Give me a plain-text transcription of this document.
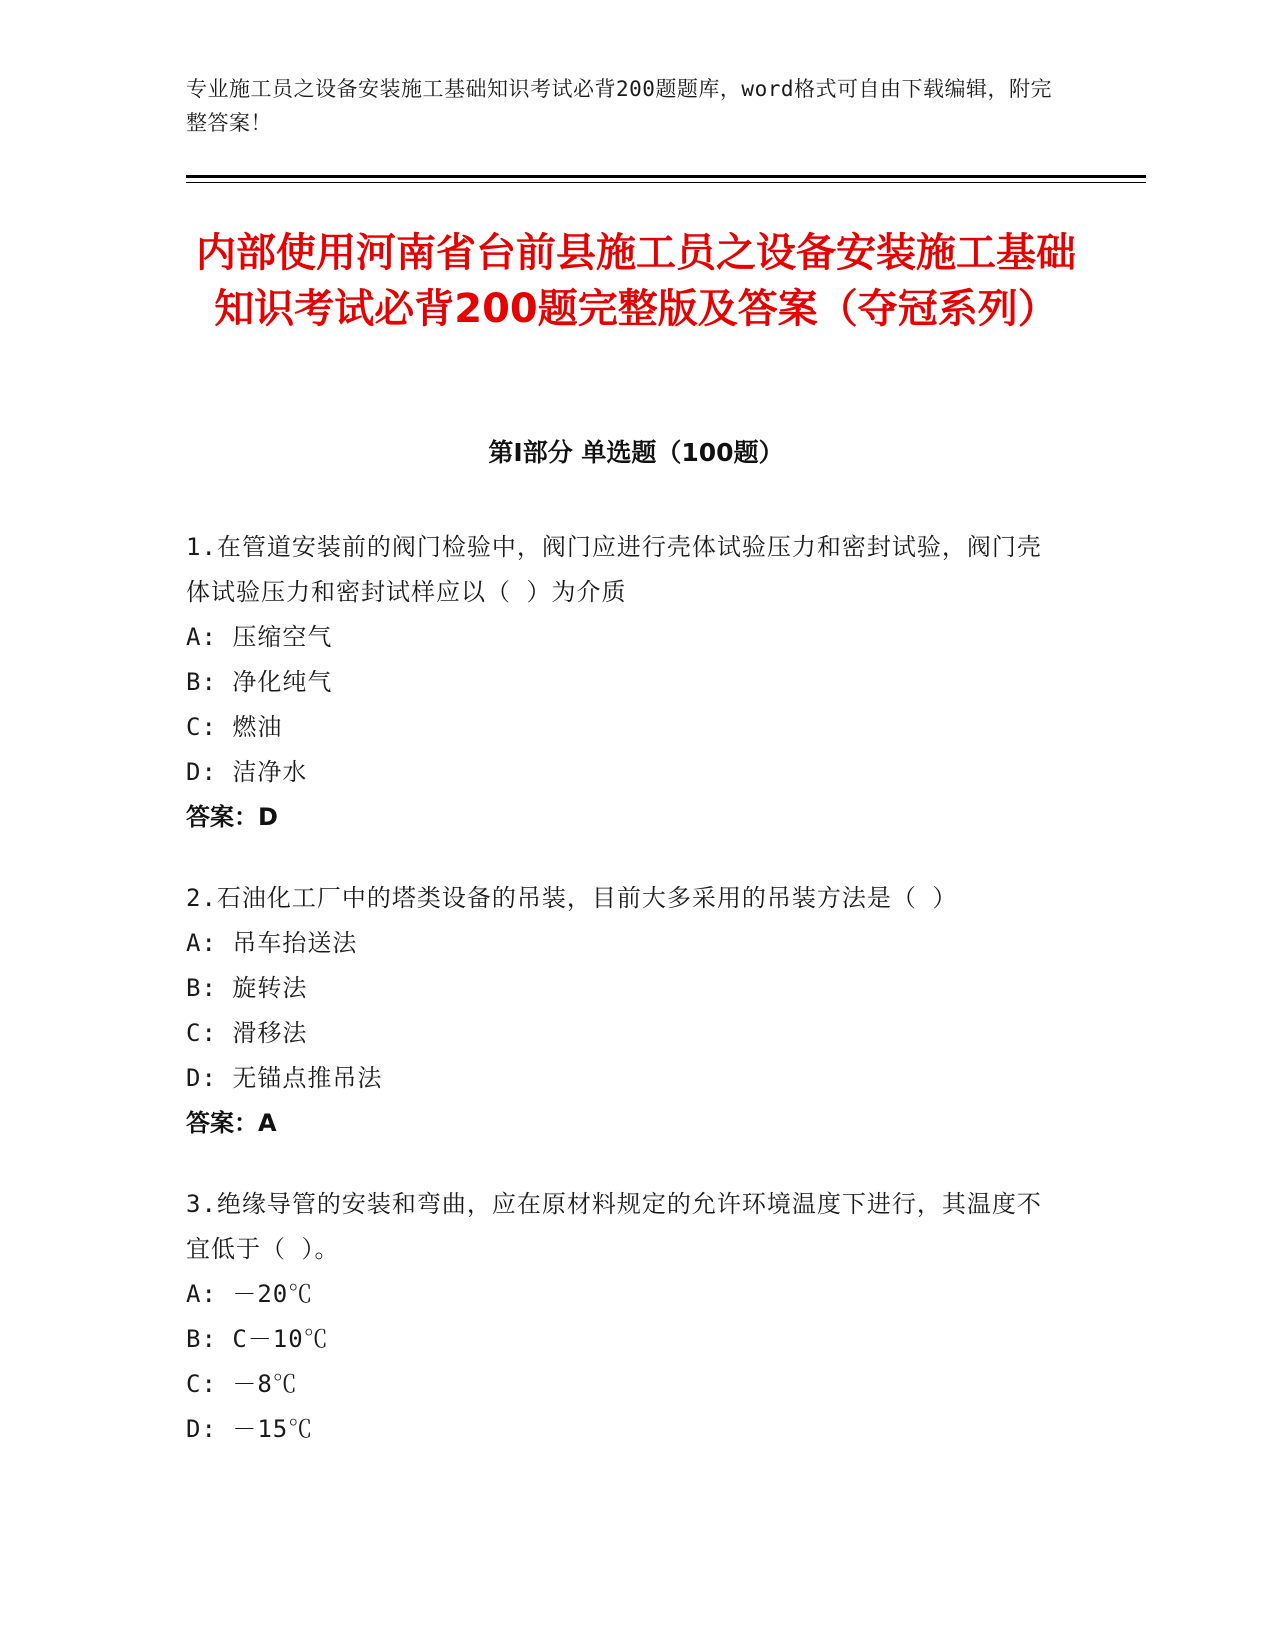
专业施工员之设备安装施工基础知识考试必背200题题库，word格式可自由下载编辑，附完整答案！
内部使用河南省台前县施工员之设备安装施工基础知识考试必背200题完整版及答案（夺冠系列）
第Ⅰ部分 单选题（100题）
1.在管道安装前的阀门检验中，阀门应进行壳体试验压力和密封试验，阀门壳体试验压力和密封试样应以（ ）为介质
A: 压缩空气
B: 净化纯气
C: 燃油
D: 洁净水
答案：D
2.石油化工厂中的塔类设备的吊装，目前大多采用的吊装方法是（ ）
A: 吊车抬送法
B: 旋转法
C: 滑移法
D: 无锚点推吊法
答案：A
3.绝缘导管的安装和弯曲，应在原材料规定的允许环境温度下进行，其温度不宜低于（ ）。
A: －20℃
B: C－10℃
C: －8℃
D: －15℃
